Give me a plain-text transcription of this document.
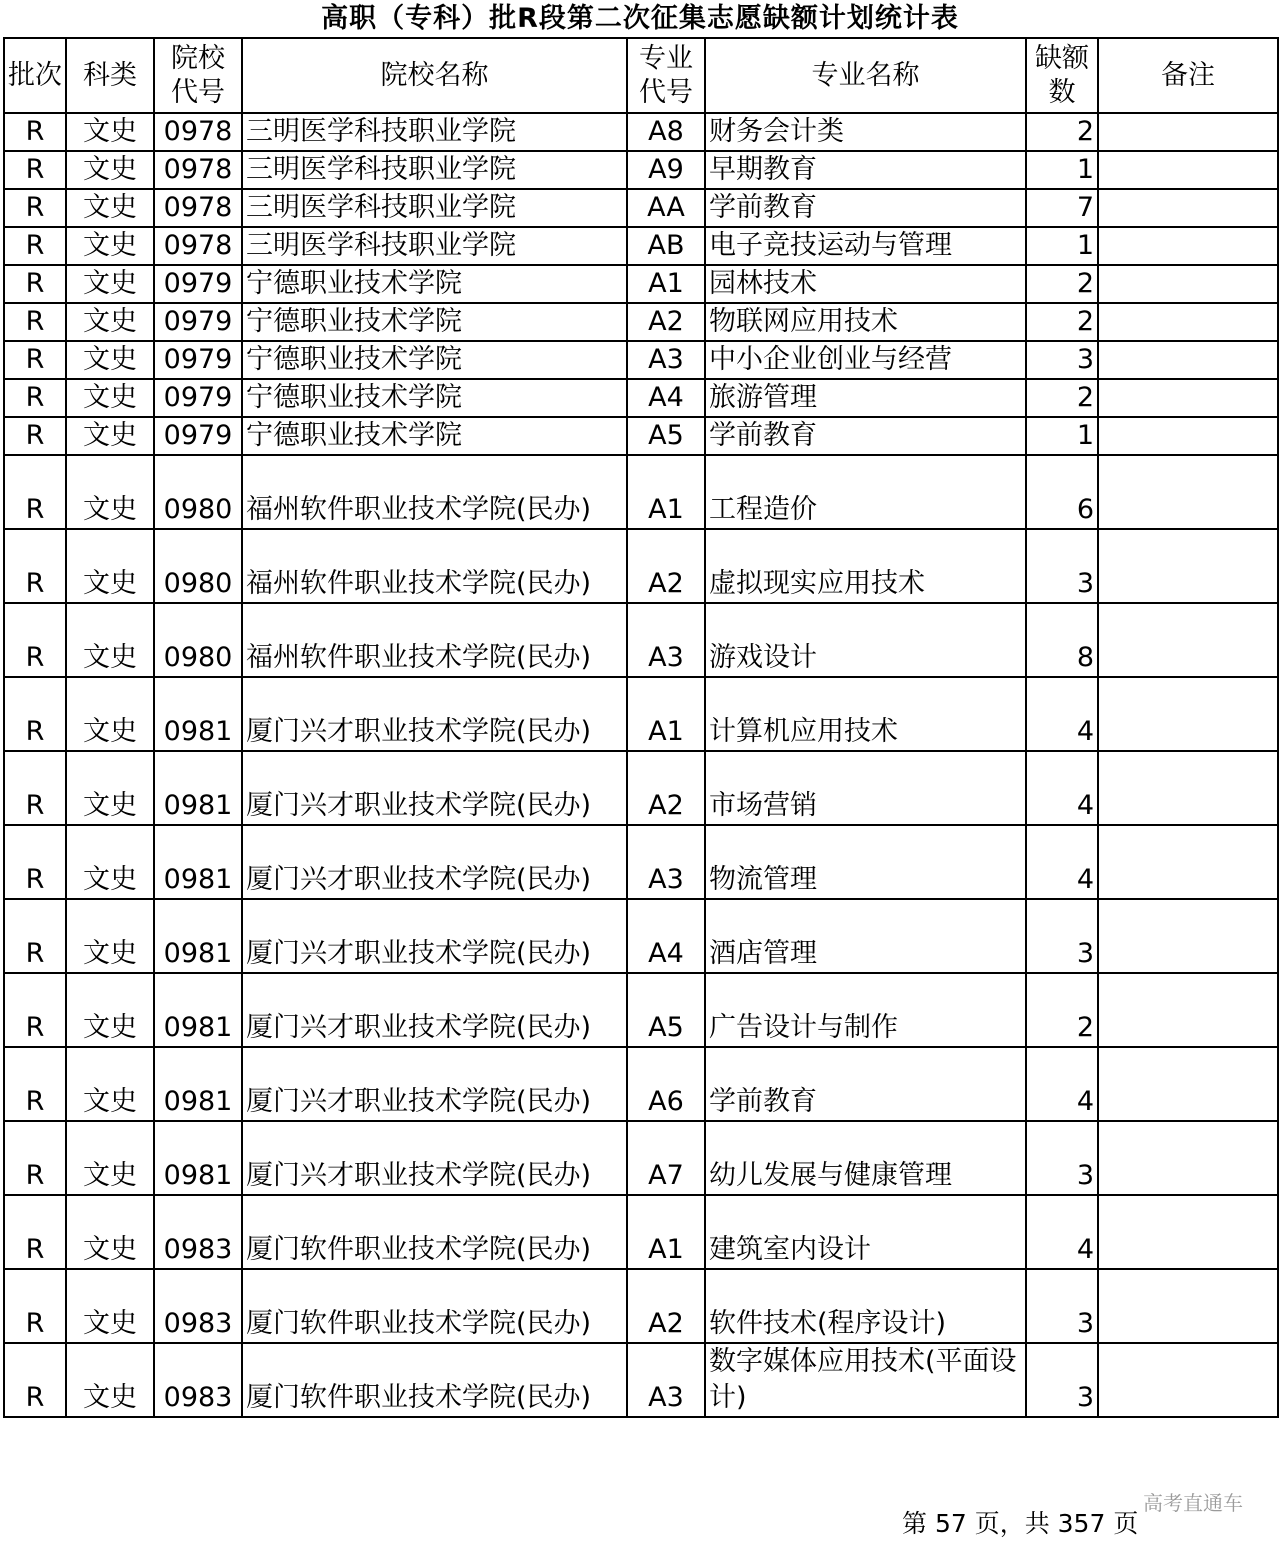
高职（专科）批R段第二次征集志愿缺额计划统计表
批次	科类	院校代号	院校名称	专业代号	专业名称	缺额数	备注
R	文史	0978	三明医学科技职业学院	A8	财务会计类	2	
R	文史	0978	三明医学科技职业学院	A9	早期教育	1	
R	文史	0978	三明医学科技职业学院	AA	学前教育	7	
R	文史	0978	三明医学科技职业学院	AB	电子竞技运动与管理	1	
R	文史	0979	宁德职业技术学院	A1	园林技术	2	
R	文史	0979	宁德职业技术学院	A2	物联网应用技术	2	
R	文史	0979	宁德职业技术学院	A3	中小企业创业与经营	3	
R	文史	0979	宁德职业技术学院	A4	旅游管理	2	
R	文史	0979	宁德职业技术学院	A5	学前教育	1	
R	文史	0980	福州软件职业技术学院(民办)	A1	工程造价	6	
R	文史	0980	福州软件职业技术学院(民办)	A2	虚拟现实应用技术	3	
R	文史	0980	福州软件职业技术学院(民办)	A3	游戏设计	8	
R	文史	0981	厦门兴才职业技术学院(民办)	A1	计算机应用技术	4	
R	文史	0981	厦门兴才职业技术学院(民办)	A2	市场营销	4	
R	文史	0981	厦门兴才职业技术学院(民办)	A3	物流管理	4	
R	文史	0981	厦门兴才职业技术学院(民办)	A4	酒店管理	3	
R	文史	0981	厦门兴才职业技术学院(民办)	A5	广告设计与制作	2	
R	文史	0981	厦门兴才职业技术学院(民办)	A6	学前教育	4	
R	文史	0981	厦门兴才职业技术学院(民办)	A7	幼儿发展与健康管理	3	
R	文史	0983	厦门软件职业技术学院(民办)	A1	建筑室内设计	4	
R	文史	0983	厦门软件职业技术学院(民办)	A2	软件技术(程序设计)	3	
R	文史	0983	厦门软件职业技术学院(民办)	A3	数字媒体应用技术(平面设计)	3	
第 57 页，共 357 页
高考直通车
